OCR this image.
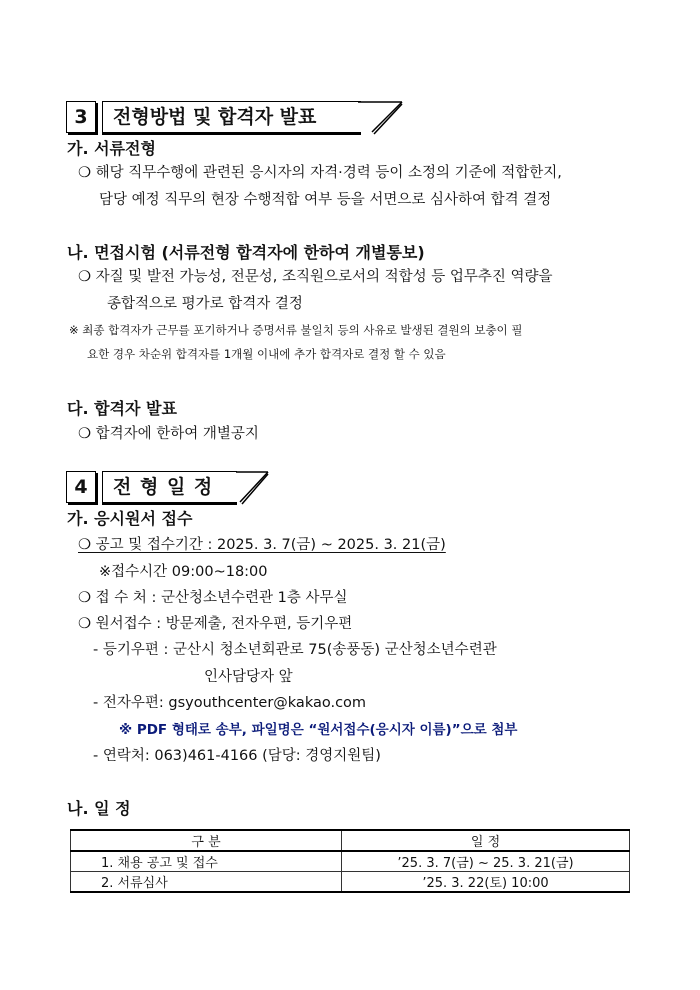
3	전형방법 및 합격자 발표
가. 서류전형
❍ 해당 직무수행에 관련된 응시자의 자격·경력 등이 소정의 기준에 적합한지,
담당 예정 직무의 현장 수행적합 여부 등을 서면으로 심사하여 합격 결정
나. 면접시험 (서류전형 합격자에 한하여 개별통보)
❍ 자질 및 발전 가능성, 전문성, 조직원으로서의 적합성 등 업무추진 역량을
종합적으로 평가로 합격자 결정
※ 최종 합격자가 근무를 포기하거나 증명서류 불일치 등의 사유로 발생된 결원의 보충이 필
요한 경우 차순위 합격자를 1개월 이내에 추가 합격자로 결정 할 수 있음
다. 합격자 발표
❍ 합격자에 한하여 개별공지
4	전 형 일 정
가. 응시원서 접수
❍ 공고 및 접수기간 : 2025. 3. 7(금) ~ 2025. 3. 21(금)
※접수시간 09:00~18:00
❍ 접 수 처 : 군산청소년수련관 1층 사무실
❍ 원서접수 : 방문제출, 전자우편, 등기우편
- 등기우편 : 군산시 청소년회관로 75(송풍동) 군산청소년수련관
인사담당자 앞
- 전자우편: gsyouthcenter@kakao.com
※ PDF 형태로 송부, 파일명은 “원서접수(응시자 이름)”으로 첨부
- 연락처: 063)461-4166 (담당: 경영지원팀)
나. 일 정
구 분	일 정
1. 채용 공고 및 접수	’25. 3. 7(금) ~ 25. 3. 21(금)
2. 서류심사	’25. 3. 22(토) 10:00
